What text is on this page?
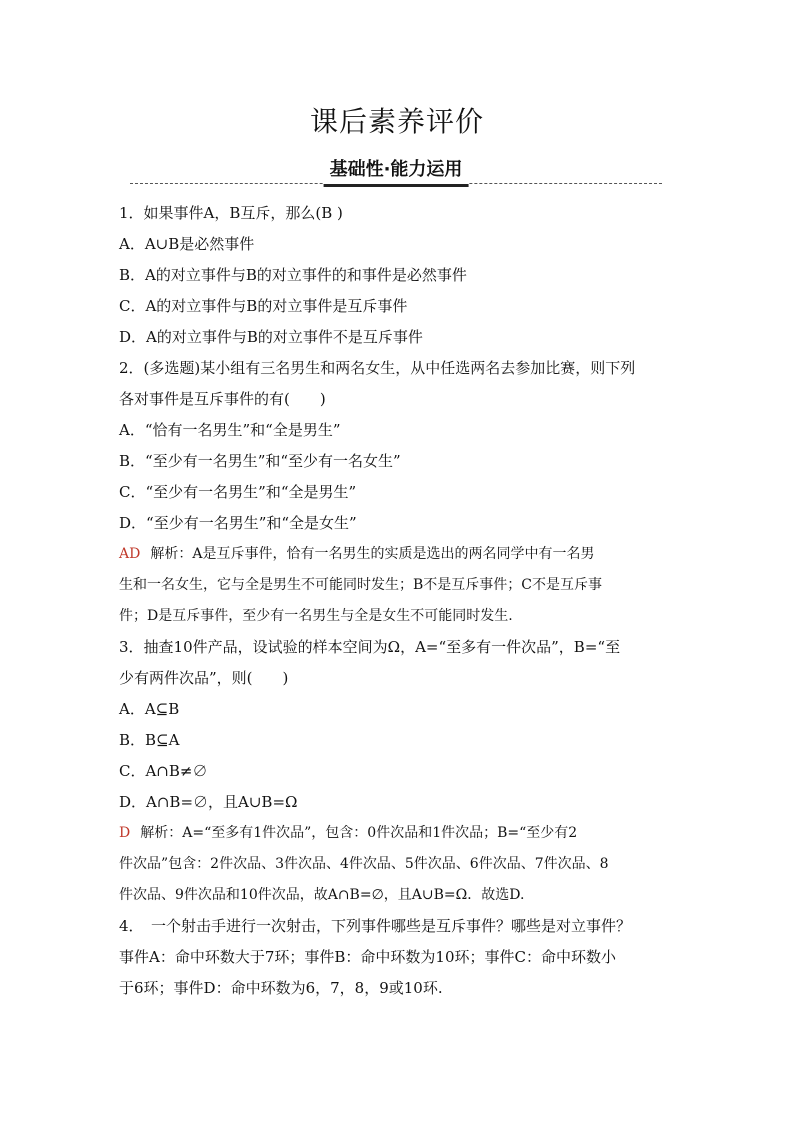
课后素养评价
基础性·能力运用
1．如果事件A，B互斥，那么(B )
A．A∪B是必然事件
B．A的对立事件与B的对立事件的和事件是必然事件
C．A的对立事件与B的对立事件是互斥事件
D．A的对立事件与B的对立事件不是互斥事件
2．(多选题)某小组有三名男生和两名女生，从中任选两名去参加比赛，则下列
各对事件是互斥事件的有(　　)
A．“恰有一名男生”和“全是男生”
B．“至少有一名男生”和“至少有一名女生”
C．“至少有一名男生”和“全是男生”
D．“至少有一名男生”和“全是女生”
AD 解析：A是互斥事件，恰有一名男生的实质是选出的两名同学中有一名男
生和一名女生，它与全是男生不可能同时发生；B不是互斥事件；C不是互斥事
件；D是互斥事件，至少有一名男生与全是女生不可能同时发生.
3．抽查10件产品，设试验的样本空间为Ω，A=“至多有一件次品”，B=“至
少有两件次品”，则(　　)
A．A⊆B
B．B⊆A
C．A∩B≠∅
D．A∩B=∅，且A∪B=Ω
D 解析：A=“至多有1件次品”，包含：0件次品和1件次品；B=“至少有2
件次品”包含：2件次品、3件次品、4件次品、5件次品、6件次品、7件次品、8
件次品、9件次品和10件次品，故A∩B=∅，且A∪B=Ω．故选D.
4．　一个射击手进行一次射击，下列事件哪些是互斥事件？哪些是对立事件？
事件A：命中环数大于7环；事件B：命中环数为10环；事件C：命中环数小
于6环；事件D：命中环数为6，7，8，9或10环.
